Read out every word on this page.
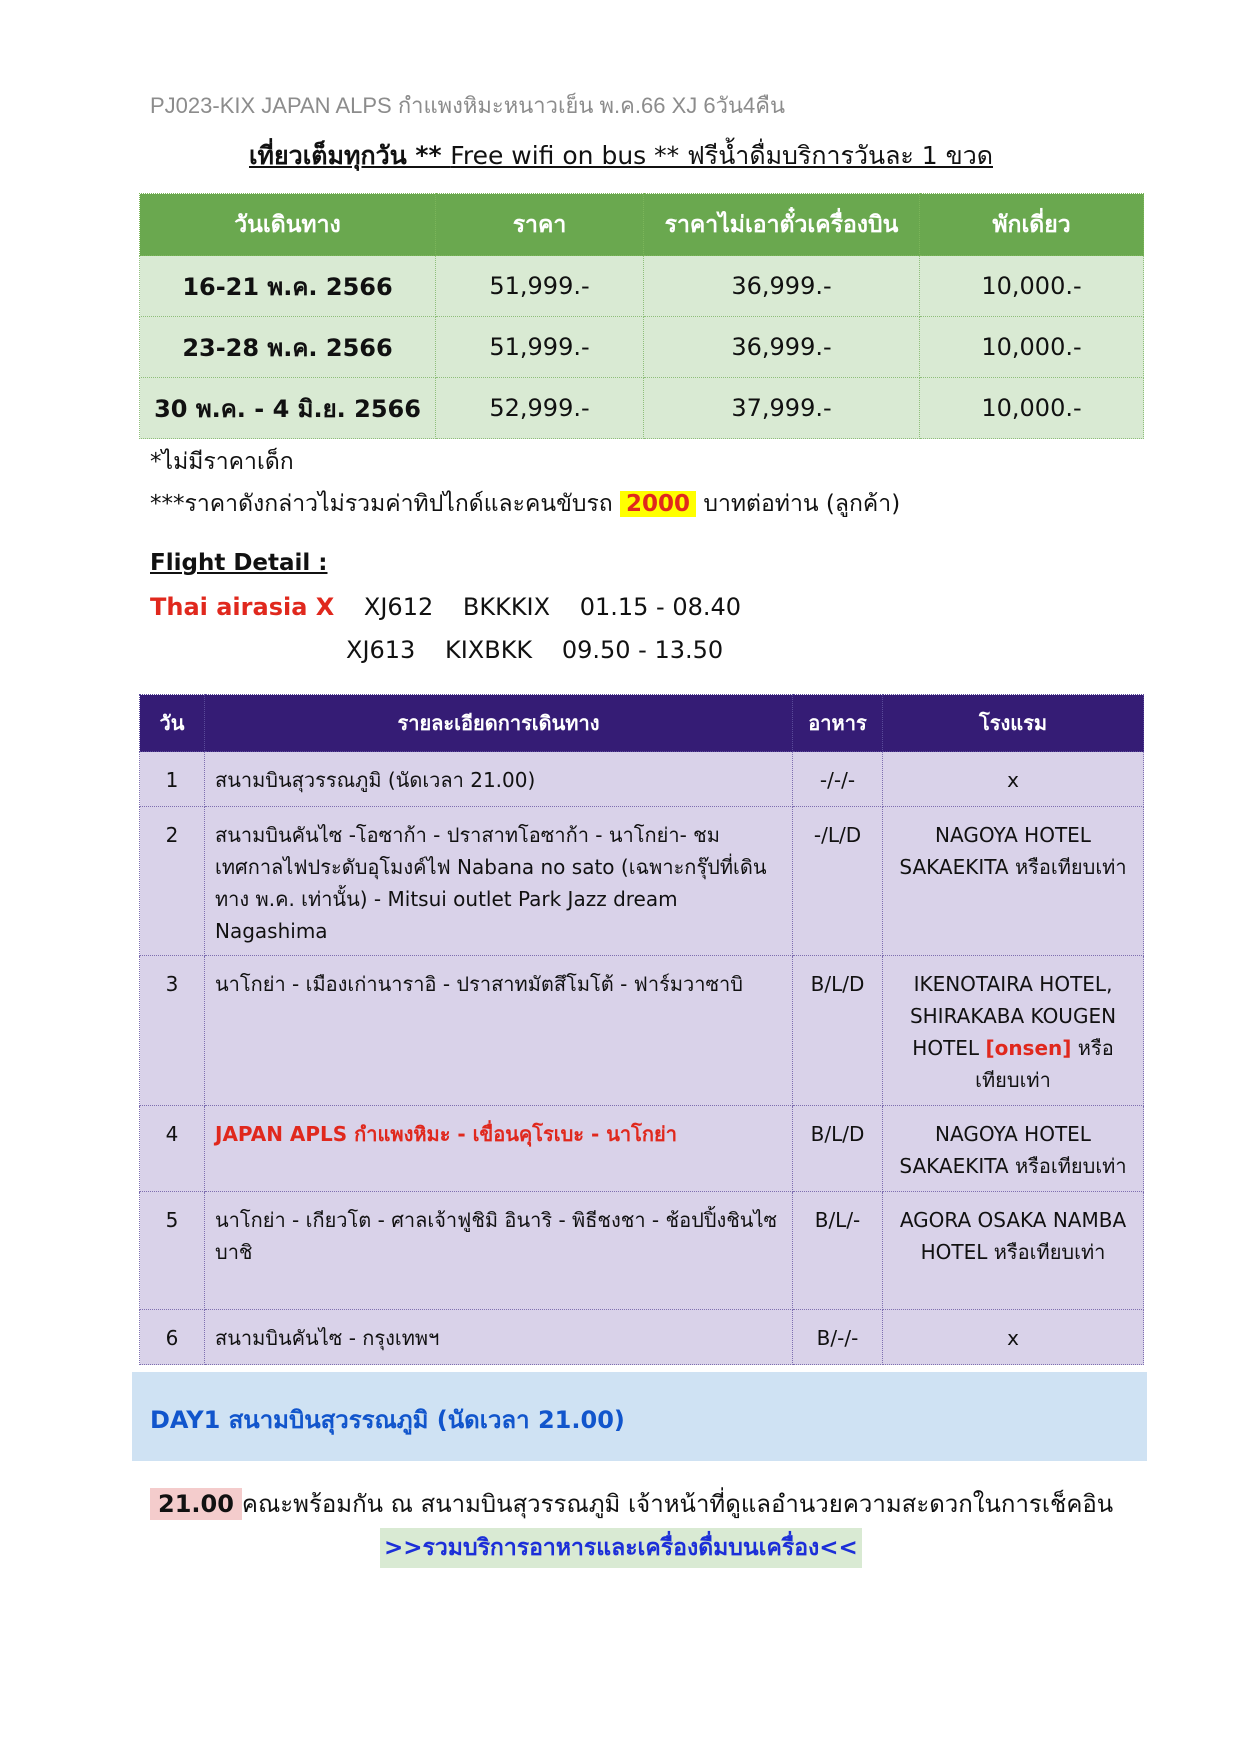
PJ023-KIX JAPAN ALPS กำแพงหิมะหนาวเย็น พ.ค.66 XJ 6วัน4คืน
เที่ยวเต็มทุกวัน ** Free wifi on bus ** ฟรีน้ำดื่มบริการวันละ 1 ขวด
วันเดินทาง	ราคา	ราคาไม่เอาตั๋วเครื่องบิน	พักเดี่ยว
16-21 พ.ค. 2566	51,999.-	36,999.-	10,000.-
23-28 พ.ค. 2566	51,999.-	36,999.-	10,000.-
30 พ.ค. - 4 มิ.ย. 2566	52,999.-	37,999.-	10,000.-
*ไม่มีราคาเด็ก
***ราคาดังกล่าวไม่รวมค่าทิปไกด์และคนขับรถ 2000 บาทต่อท่าน (ลูกค้า)
Flight Detail :
Thai airasia X XJ612 BKKKIX 01.15 - 08.40
XJ613 KIXBKK 09.50 - 13.50
วัน	รายละเอียดการเดินทาง	อาหาร	โรงแรม
1	สนามบินสุวรรณภูมิ (นัดเวลา 21.00)	-/-/-	x
2	สนามบินคันไซ -โอซาก้า - ปราสาทโอซาก้า - นาโกย่า- ชมเทศกาลไฟประดับอุโมงค์ไฟ Nabana no sato (เฉพาะกรุ๊ปที่เดินทาง พ.ค. เท่านั้น) - Mitsui outlet Park Jazz dream Nagashima	-/L/D	NAGOYA HOTEL SAKAEKITA หรือเทียบเท่า
3	นาโกย่า - เมืองเก่านาราอิ - ปราสาทมัตสึโมโต้ - ฟาร์มวาซาบิ	B/L/D	IKENOTAIRA HOTEL, SHIRAKABA KOUGEN HOTEL [onsen] หรือเทียบเท่า
4	JAPAN APLS กำแพงหิมะ - เขื่อนคุโรเบะ - นาโกย่า	B/L/D	NAGOYA HOTEL SAKAEKITA หรือเทียบเท่า
5	นาโกย่า - เกียวโต - ศาลเจ้าฟูชิมิ อินาริ - พิธีชงชา - ช้อปปิ้งชินไซบาชิ	B/L/-	AGORA OSAKA NAMBA HOTEL หรือเทียบเท่า
6	สนามบินคันไซ - กรุงเทพฯ	B/-/-	x
DAY1 สนามบินสุวรรณภูมิ (นัดเวลา 21.00)
21.00 คณะพร้อมกัน ณ สนามบินสุวรรณภูมิ เจ้าหน้าที่ดูแลอำนวยความสะดวกในการเช็คอิน
>>รวมบริการอาหารและเครื่องดื่มบนเครื่อง<<
